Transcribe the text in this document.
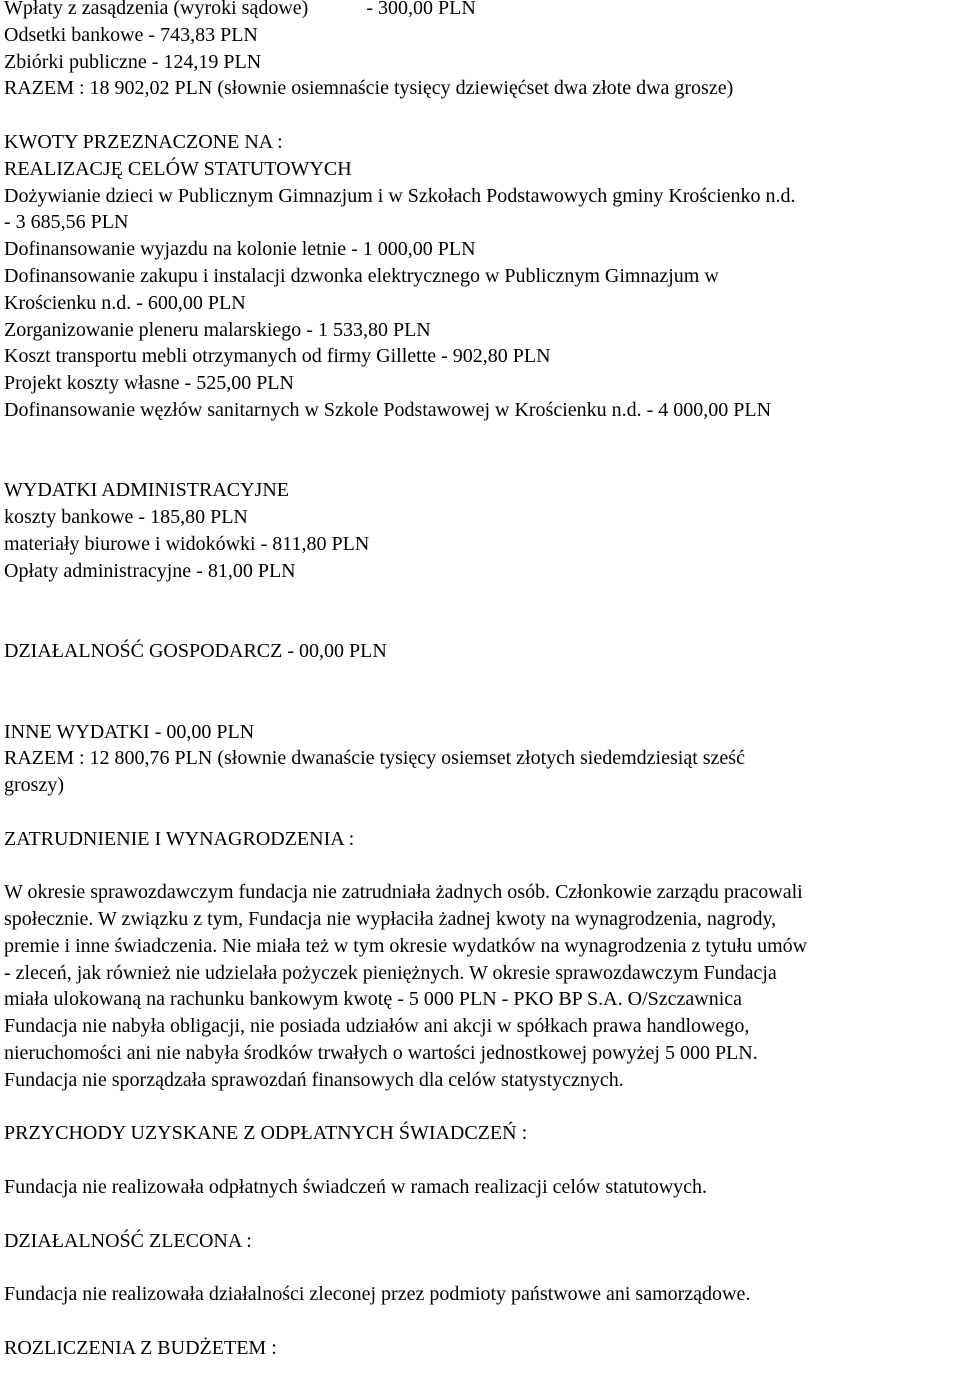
Wpłaty z zasądzenia (wyroki sądowe)	- 300,00 PLN
Odsetki bankowe - 743,83 PLN
Zbiórki publiczne - 124,19 PLN
RAZEM : 18 902,02 PLN (słownie osiemnaście tysięcy dziewięćset dwa złote dwa grosze)
KWOTY PRZEZNACZONE NA :
REALIZACJĘ CELÓW STATUTOWYCH
Dożywianie dzieci w Publicznym Gimnazjum i w Szkołach Podstawowych gminy Krościenko n.d.
- 3 685,56 PLN
Dofinansowanie wyjazdu na kolonie letnie - 1 000,00 PLN
Dofinansowanie zakupu i instalacji dzwonka elektrycznego w Publicznym Gimnazjum w
Krościenku n.d. - 600,00 PLN
Zorganizowanie pleneru malarskiego - 1 533,80 PLN
Koszt transportu mebli otrzymanych od firmy Gillette - 902,80 PLN
Projekt koszty własne - 525,00 PLN
Dofinansowanie węzłów sanitarnych w Szkole Podstawowej w Krościenku n.d. - 4 000,00 PLN
WYDATKI ADMINISTRACYJNE
koszty bankowe - 185,80 PLN
materiały biurowe i widokówki - 811,80 PLN
Opłaty administracyjne - 81,00 PLN
DZIAŁALNOŚĆ GOSPODARCZ - 00,00 PLN
INNE WYDATKI - 00,00 PLN
RAZEM : 12 800,76 PLN (słownie dwanaście tysięcy osiemset złotych siedemdziesiąt sześć
groszy)
ZATRUDNIENIE I WYNAGRODZENIA :
W okresie sprawozdawczym fundacja nie zatrudniała żadnych osób. Członkowie zarządu pracowali
społecznie. W związku z tym, Fundacja nie wypłaciła żadnej kwoty na wynagrodzenia, nagrody,
premie i inne świadczenia. Nie miała też w tym okresie wydatków na wynagrodzenia z tytułu umów
- zleceń, jak również nie udzielała pożyczek pieniężnych. W okresie sprawozdawczym Fundacja
miała ulokowaną na rachunku bankowym kwotę - 5 000 PLN - PKO BP S.A. O/Szczawnica
Fundacja nie nabyła obligacji, nie posiada udziałów ani akcji w spółkach prawa handlowego,
nieruchomości ani nie nabyła środków trwałych o wartości jednostkowej powyżej 5 000 PLN.
Fundacja nie sporządzała sprawozdań finansowych dla celów statystycznych.
PRZYCHODY UZYSKANE Z ODPŁATNYCH ŚWIADCZEŃ :
Fundacja nie realizowała odpłatnych świadczeń w ramach realizacji celów statutowych.
DZIAŁALNOŚĆ ZLECONA :
Fundacja nie realizowała działalności zleconej przez podmioty państwowe ani samorządowe.
ROZLICZENIA Z BUDŻETEM :
